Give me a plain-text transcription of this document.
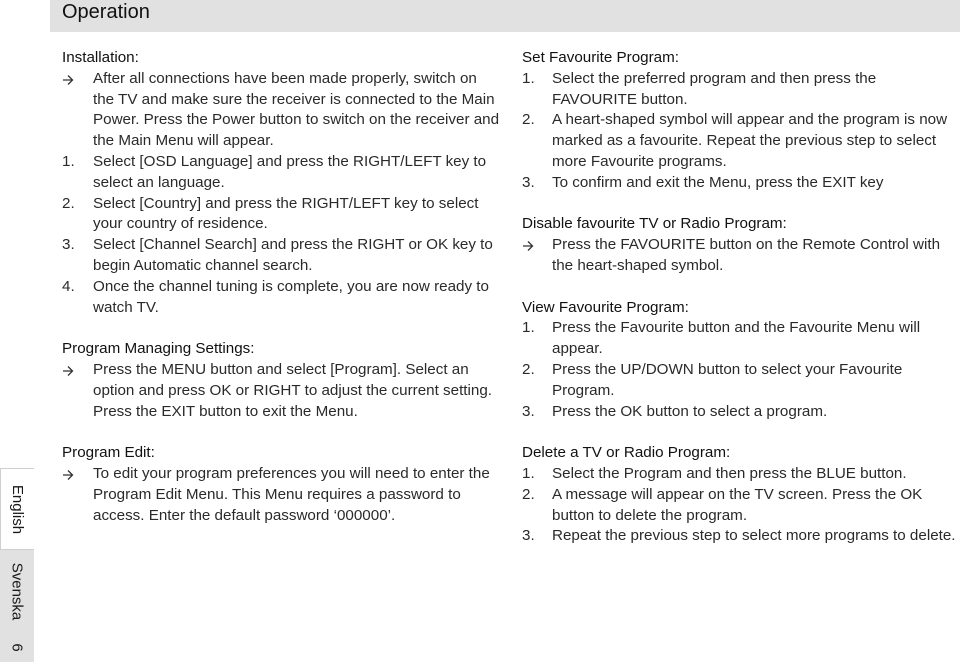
Operation
Installation:
After all connections have been made properly, switch on the TV and make sure the receiver is connected to the Main Power. Press the Power button to switch on the receiver and the Main Menu will appear.
1.	Select [OSD Language] and press the RIGHT/LEFT key to select an language.
2.	Select [Country] and press the RIGHT/LEFT key to select your country of residence.
3.	Select [Channel Search] and press the RIGHT or OK key to begin Automatic channel search.
4.	Once the channel tuning is complete, you are now ready to watch TV.
Program Managing Settings:
Press the MENU button and select [Program]. Select an option and press OK or RIGHT to adjust the current setting. Press the EXIT button to exit the Menu.
Program Edit:
To edit your program preferences you will need to enter the Program Edit Menu. This Menu requires a password to access. Enter the default password ‘000000’.
Set Favourite Program:
1.	Select the preferred program and then press the FAVOURITE button.
2.	A heart-shaped symbol will appear and the program is now marked as a favourite. Repeat the previous step to select more Favourite programs.
3.	To confirm and exit the Menu, press the EXIT key
Disable favourite TV or Radio Program:
Press the FAVOURITE button on the Remote Control with the heart-shaped symbol.
View Favourite Program:
1.	Press the Favourite button and the Favourite Menu will appear.
2.	Press the UP/DOWN button to select your Favourite Program.
3.	Press the OK button to select a program.
Delete a TV or Radio Program:
1.	Select the Program and then press the BLUE button.
2.	A message will appear on the TV screen. Press the OK button to delete the program.
3.	Repeat the previous step to select more programs to delete.
English
Svenska
6
